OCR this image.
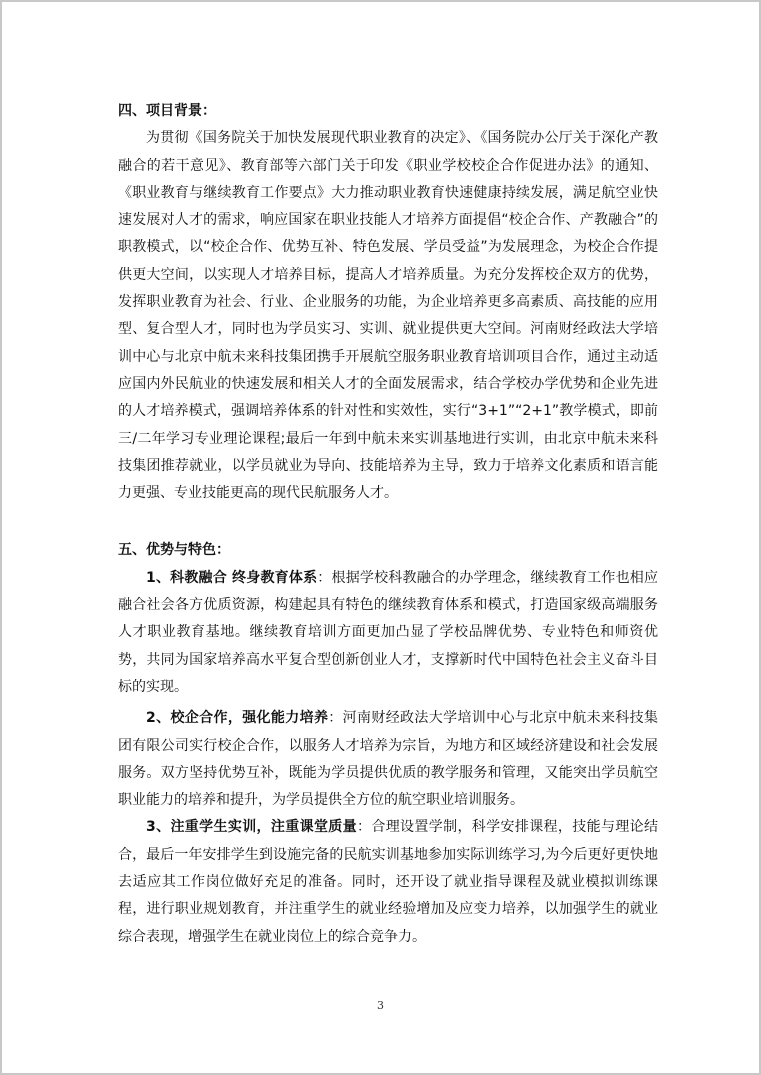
四、项目背景：

为贯彻《国务院关于加快发展现代职业教育的决定》、《国务院办公厅关于深化产教融合的若干意见》、教育部等六部门关于印发《职业学校校企合作促进办法》的通知、《职业教育与继续教育工作要点》大力推动职业教育快速健康持续发展，满足航空业快速发展对人才的需求，响应国家在职业技能人才培养方面提倡“校企合作、产教融合”的职教模式，以“校企合作、优势互补、特色发展、学员受益”为发展理念，为校企合作提供更大空间，以实现人才培养目标，提高人才培养质量。为充分发挥校企双方的优势，发挥职业教育为社会、行业、企业服务的功能，为企业培养更多高素质、高技能的应用型、复合型人才，同时也为学员实习、实训、就业提供更大空间。河南财经政法大学培训中心与北京中航未来科技集团携手开展航空服务职业教育培训项目合作，通过主动适应国内外民航业的快速发展和相关人才的全面发展需求，结合学校办学优势和企业先进的人才培养模式，强调培养体系的针对性和实效性，实行“3+1”“2+1”教学模式，即前三/二年学习专业理论课程;最后一年到中航未来实训基地进行实训，由北京中航未来科技集团推荐就业，以学员就业为导向、技能培养为主导，致力于培养文化素质和语言能力更强、专业技能更高的现代民航服务人才。

五、优势与特色：

1、科教融合 终身教育体系：根据学校科教融合的办学理念，继续教育工作也相应融合社会各方优质资源，构建起具有特色的继续教育体系和模式，打造国家级高端服务人才职业教育基地。继续教育培训方面更加凸显了学校品牌优势、专业特色和师资优势，共同为国家培养高水平复合型创新创业人才，支撑新时代中国特色社会主义奋斗目标的实现。

2、校企合作，强化能力培养：河南财经政法大学培训中心与北京中航未来科技集团有限公司实行校企合作，以服务人才培养为宗旨，为地方和区域经济建设和社会发展服务。双方坚持优势互补，既能为学员提供优质的教学服务和管理，又能突出学员航空职业能力的培养和提升，为学员提供全方位的航空职业培训服务。

3、注重学生实训，注重课堂质量：合理设置学制，科学安排课程，技能与理论结合，最后一年安排学生到设施完备的民航实训基地参加实际训练学习,为今后更好更快地去适应其工作岗位做好充足的准备。同时，还开设了就业指导课程及就业模拟训练课程，进行职业规划教育，并注重学生的就业经验增加及应变力培养，以加强学生的就业综合表现，增强学生在就业岗位上的综合竞争力。

3
